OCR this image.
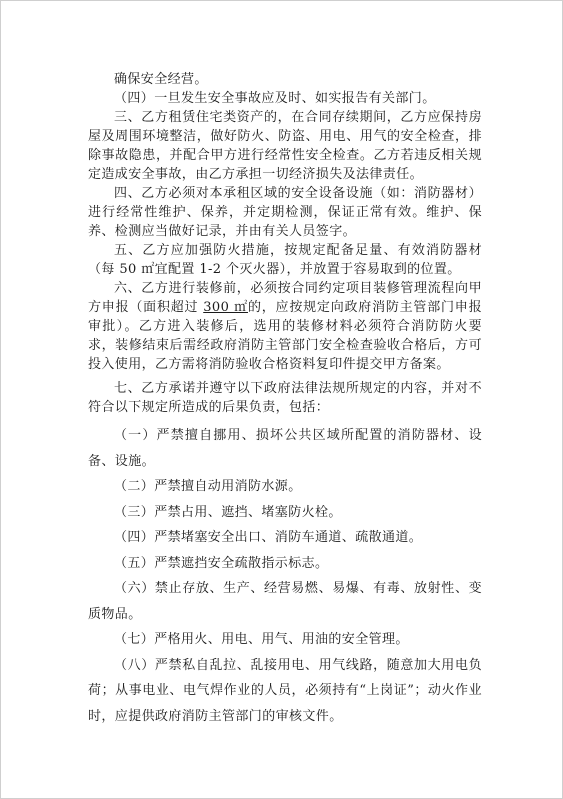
确保安全经营。

（四）一旦发生安全事故应及时、如实报告有关部门。

三、乙方租赁住宅类资产的，在合同存续期间，乙方应保持房屋及周围环境整洁，做好防火、防盗、用电、用气的安全检查，排除事故隐患，并配合甲方进行经常性安全检查。乙方若违反相关规定造成安全事故，由乙方承担一切经济损失及法律责任。

四、乙方必须对本承租区域的安全设备设施（如：消防器材）进行经常性维护、保养，并定期检测，保证正常有效。维护、保养、检测应当做好记录，并由有关人员签字。

五、乙方应加强防火措施，按规定配备足量、有效消防器材（每 50 ㎡宜配置 1-2 个灭火器），并放置于容易取到的位置。

六、乙方进行装修前，必须按合同约定项目装修管理流程向甲方申报（面积超过 300 ㎡的，应按规定向政府消防主管部门申报审批）。乙方进入装修后，选用的装修材料必须符合消防防火要求，装修结束后需经政府消防主管部门安全检查验收合格后，方可投入使用，乙方需将消防验收合格资料复印件提交甲方备案。

七、乙方承诺并遵守以下政府法律法规所规定的内容，并对不符合以下规定所造成的后果负责，包括：

（一）严禁擅自挪用、损坏公共区域所配置的消防器材、设备、设施。

（二）严禁擅自动用消防水源。

（三）严禁占用、遮挡、堵塞防火栓。

（四）严禁堵塞安全出口、消防车通道、疏散通道。

（五）严禁遮挡安全疏散指示标志。

（六）禁止存放、生产、经营易燃、易爆、有毒、放射性、变质物品。

（七）严格用火、用电、用气、用油的安全管理。

（八）严禁私自乱拉、乱接用电、用气线路，随意加大用电负荷；从事电业、电气焊作业的人员，必须持有“上岗证”；动火作业时，应提供政府消防主管部门的审核文件。
